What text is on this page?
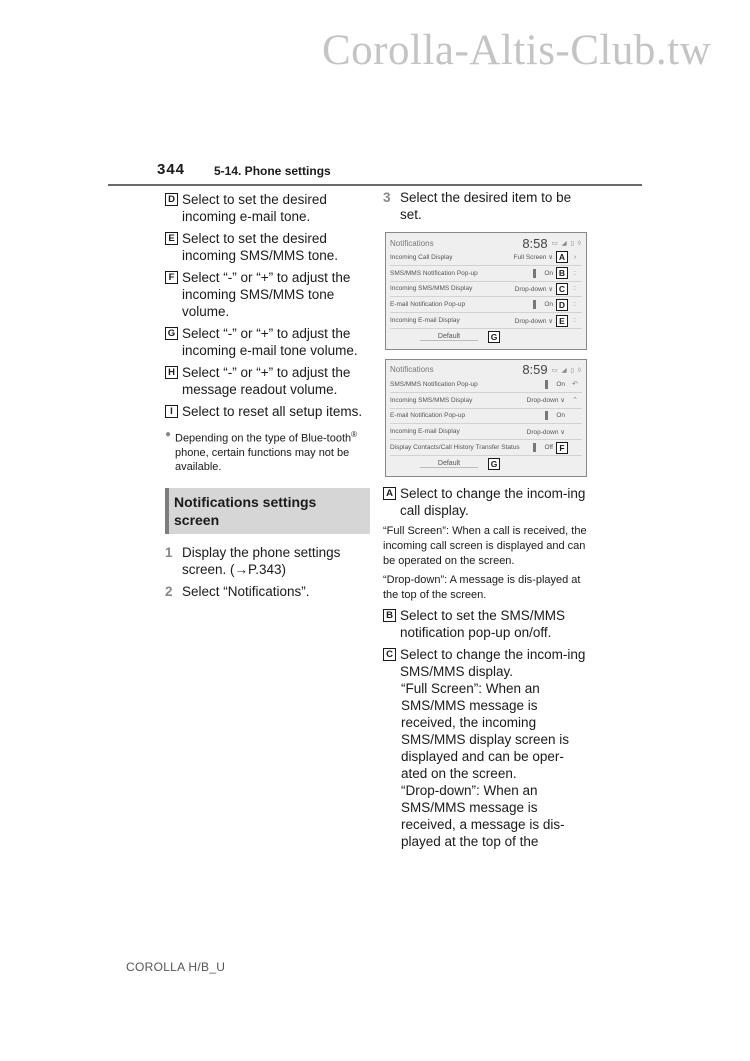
Corolla-Altis-Club.tw
344 5-14. Phone settings
D Select to set the desired incoming e-mail tone.
E Select to set the desired incoming SMS/MMS tone.
F Select “-” or “+” to adjust the incoming SMS/MMS tone volume.
G Select “-” or “+” to adjust the incoming e-mail tone volume.
H Select “-” or “+” to adjust the message readout volume.
I Select to reset all setup items.
● Depending on the type of Blue-tooth® phone, certain functions may not be available.
Notifications settings screen
1 Display the phone settings screen. (→P.343)
2 Select “Notifications”.
3 Select the desired item to be set.
Notifications	8:58 ▭ ◢ ▯ ◊
Incoming Call Display	Full Screen ∨ A	›
SMS/MMS Notification Pop-up	On B	:
Incoming SMS/MMS Display	Drop-down ∨ C	:
E-mail Notification Pop-up	On D	:
Incoming E-mail Display	Drop-down ∨ E	:
Default	G
Notifications	8:59 ▭ ◢ ▯ ◊
SMS/MMS Notification Pop-up	On	↶
Incoming SMS/MMS Display	Drop-down ∨	⌃
E-mail Notification Pop-up	On
Incoming E-mail Display	Drop-down ∨
Display Contacts/Call History Transfer Status	Off F
Default	G
A Select to change the incom-ing call display.
“Full Screen”: When a call is received, the incoming call screen is displayed and can be operated on the screen.
“Drop-down”: A message is dis-played at the top of the screen.
B Select to set the SMS/MMS notification pop-up on/off.
C Select to change the incom-ing SMS/MMS display.
“Full Screen”: When an SMS/MMS message is received, the incoming SMS/MMS display screen is displayed and can be oper-ated on the screen.
“Drop-down”: When an SMS/MMS message is received, a message is dis-played at the top of the
COROLLA H/B_U
